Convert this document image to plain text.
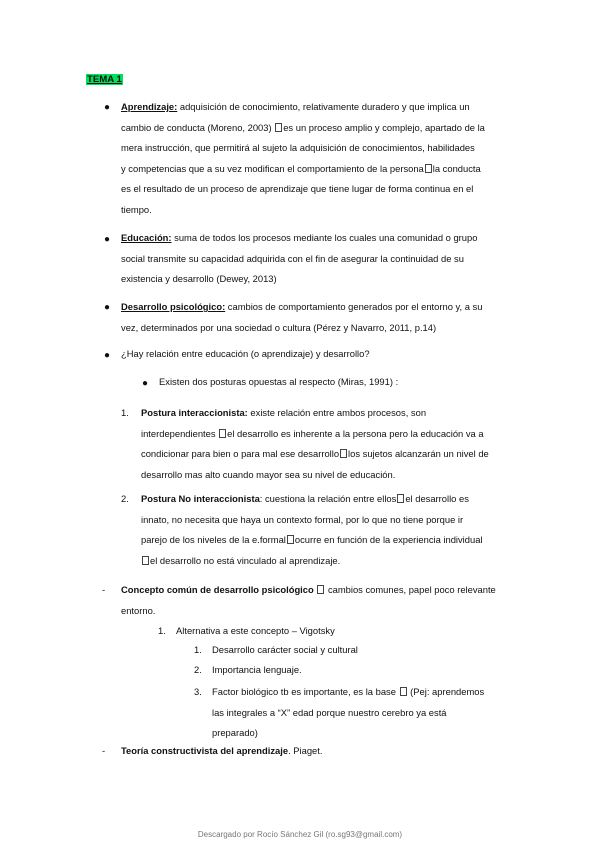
TEMA 1
● Aprendizaje: adquisición de conocimiento, relativamente duradero y que implica un
cambio de conducta (Moreno, 2003) es un proceso amplio y complejo, apartado de la
mera instrucción, que permitirá al sujeto la adquisición de conocimientos, habilidades
y competencias que a su vez modifican el comportamiento de la persona la conducta
es el resultado de un proceso de aprendizaje que tiene lugar de forma continua en el
tiempo.
● Educación: suma de todos los procesos mediante los cuales una comunidad o grupo
social transmite su capacidad adquirida con el fin de asegurar la continuidad de su
existencia y desarrollo (Dewey, 2013)
● Desarrollo psicológico: cambios de comportamiento generados por el entorno y, a su
vez, determinados por una sociedad o cultura (Pérez y Navarro, 2011, p.14)
● ¿Hay relación entre educación (o aprendizaje) y desarrollo?
● Existen dos posturas opuestas al respecto (Miras, 1991) :
1. Postura interaccionista: existe relación entre ambos procesos, son
interdependientes el desarrollo es inherente a la persona pero la educación va a
condicionar para bien o para mal ese desarrollo los sujetos alcanzarán un nivel de
desarrollo mas alto cuando mayor sea su nivel de educación.
2. Postura No interaccionista: cuestiona la relación entre ellos el desarrollo es
innato, no necesita que haya un contexto formal, por lo que no tiene porque ir
parejo de los niveles de la e.formal ocurre en función de la experiencia individual
el desarrollo no está vinculado al aprendizaje.
- Concepto común de desarrollo psicológico cambios comunes, papel poco relevante
entorno.
1. Alternativa a este concepto – Vigotsky
1. Desarrollo carácter social y cultural
2. Importancia lenguaje.
3. Factor biológico tb es importante, es la base (Pej: aprendemos
las integrales a “X” edad porque nuestro cerebro ya está
preparado)
- Teoría constructivista del aprendizaje. Piaget.
Descargado por Rocío Sánchez Gil (ro.sg93@gmail.com)
